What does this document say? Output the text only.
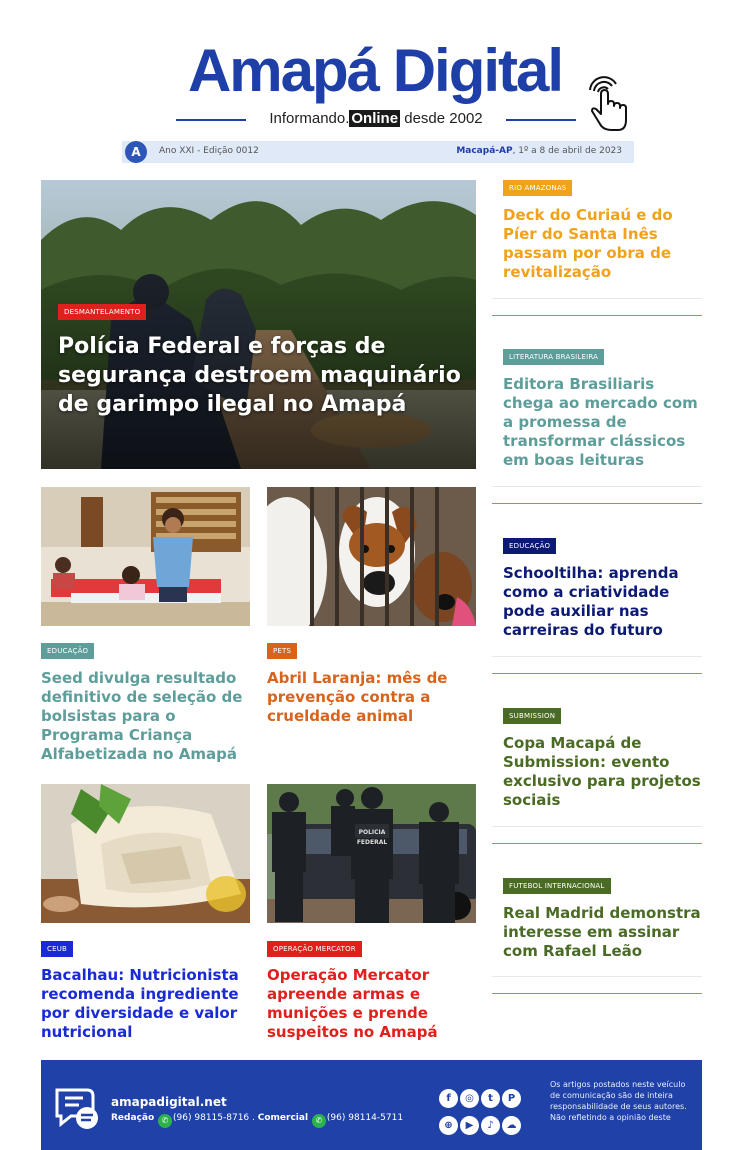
Amapá Digital
Informando. Online desde 2002
A	Ano XXI - Edição 0012	Macapá-AP, 1º a 8 de abril de 2023
DESMANTELAMENTO
Polícia Federal e forças de segurança destroem maquinário de garimpo ilegal no Amapá
EDUCAÇÃO
Seed divulga resultado definitivo de seleção de bolsistas para o Programa Criança Alfabetizada no Amapá
PETS
Abril Laranja: mês de prevenção contra a crueldade animal
CEUB
Bacalhau: Nutricionista recomenda ingrediente por diversidade e valor nutricional
POLICIA
FEDERAL
OPERAÇÃO MERCATOR
Operação Mercator apreende armas e munições e prende suspeitos no Amapá
RIO AMAZONAS
Deck do Curiaú e do Píer do Santa Inês passam por obra de revitalização
LITERATURA BRASILEIRA
Editora Brasiliaris chega ao mercado com a promessa de transformar clássicos em boas leituras
EDUCAÇÃO
Schooltilha: aprenda como a criatividade pode auxiliar nas carreiras do futuro
SUBMISSION
Copa Macapá de Submission: evento exclusivo para projetos sociais
FUTEBOL INTERNACIONAL
Real Madrid demonstra interesse em assinar com Rafael Leão
amapadigital.net
Redação ✆ (96) 98115-8716 . Comercial ✆ (96) 98114-5711
f ◎ t P⊕ ▶ ♪ ☁
Os artigos postados neste veículo de comunicação são de inteira responsabilidade de seus autores. Não refletindo a opinião deste
